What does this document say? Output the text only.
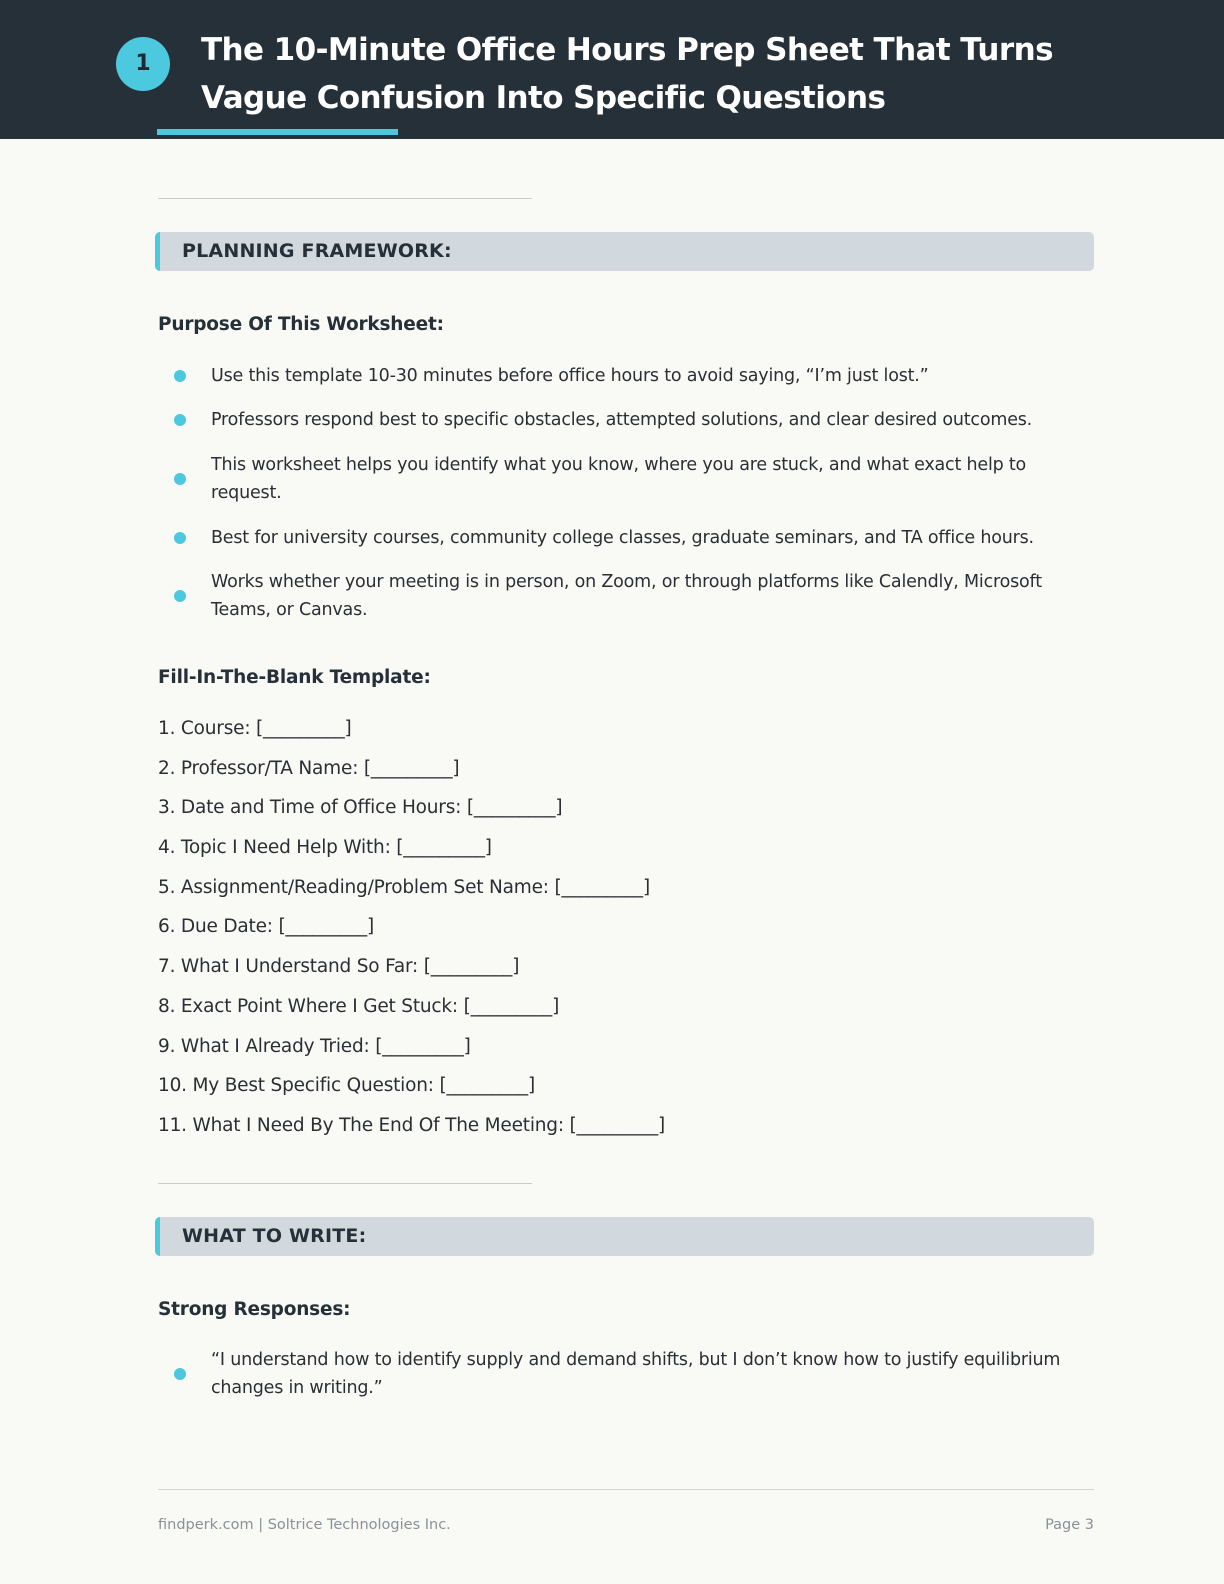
1	The 10-Minute Office Hours Prep Sheet That Turns Vague Confusion Into Specific Questions
PLANNING FRAMEWORK:
Purpose Of This Worksheet:
Use this template 10-30 minutes before office hours to avoid saying, “I’m just lost.”
Professors respond best to specific obstacles, attempted solutions, and clear desired outcomes.
This worksheet helps you identify what you know, where you are stuck, and what exact help to request.
Best for university courses, community college classes, graduate seminars, and TA office hours.
Works whether your meeting is in person, on Zoom, or through platforms like Calendly, Microsoft Teams, or Canvas.
Fill-In-The-Blank Template:
1. Course: [_________]
2. Professor/TA Name: [_________]
3. Date and Time of Office Hours: [_________]
4. Topic I Need Help With: [_________]
5. Assignment/Reading/Problem Set Name: [_________]
6. Due Date: [_________]
7. What I Understand So Far: [_________]
8. Exact Point Where I Get Stuck: [_________]
9. What I Already Tried: [_________]
10. My Best Specific Question: [_________]
11. What I Need By The End Of The Meeting: [_________]
WHAT TO WRITE:
Strong Responses:
“I understand how to identify supply and demand shifts, but I don’t know how to justify equilibrium changes in writing.”
findperk.com | Soltrice Technologies Inc.	Page 3
